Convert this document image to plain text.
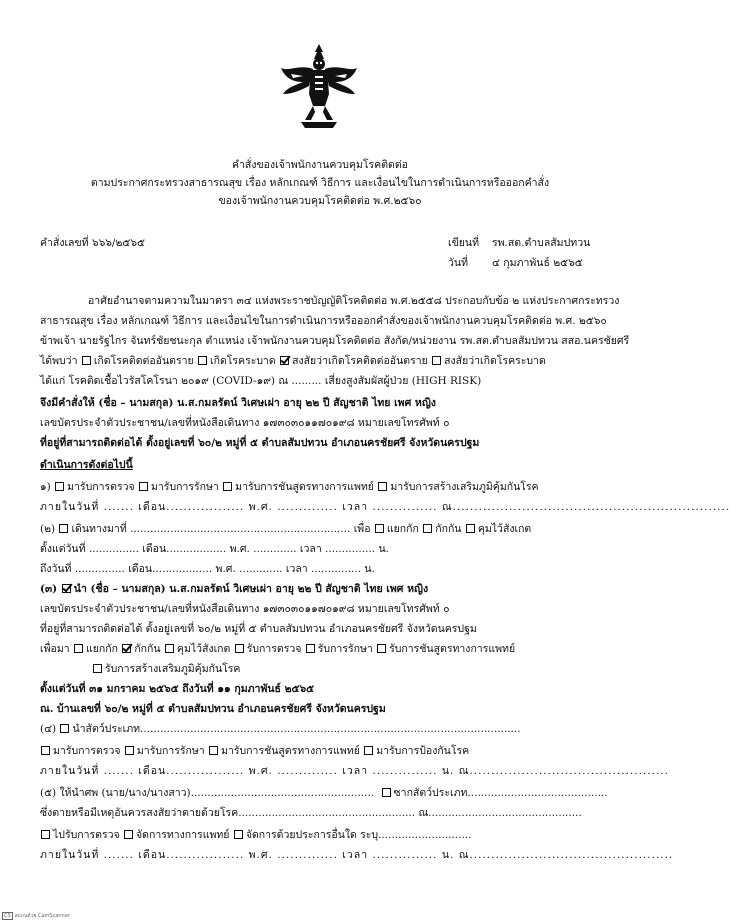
คำสั่งของเจ้าพนักงานควบคุมโรคติดต่อ
ตามประกาศกระทรวงสาธารณสุข เรื่อง หลักเกณฑ์ วิธีการ และเงื่อนไขในการดำเนินการหรือออกคำสั่ง
ของเจ้าพนักงานควบคุมโรคติดต่อ พ.ศ.๒๕๖๐
คำสั่งเลขที่ ๖๖๖/๒๕๖๕	เขียนที่ รพ.สต.ตำบลสัมปทวน
วันที่ ๔ กุมภาพันธ์ ๒๕๖๕
อาศัยอำนาจตามความในมาตรา ๓๔ แห่งพระราชบัญญัติโรคติดต่อ พ.ศ.๒๕๕๘ ประกอบกับข้อ ๒ แห่งประกาศกระทรวง
สาธารณสุข เรื่อง หลักเกณฑ์ วิธีการ และเงื่อนไขในการดำเนินการหรือออกคำสั่งของเจ้าพนักงานควบคุมโรคติดต่อ พ.ศ. ๒๕๖๐
ข้าพเจ้า นายรัฐไกร จันทร์ชัยชนะกุล ตำแหน่ง เจ้าพนักงานควบคุมโรคติดต่อ สังกัด/หน่วยงาน รพ.สต.ตำบลสัมปทวน สสอ.นครชัยศรี
ได้พบว่า เกิดโรคติดต่ออันตราย เกิดโรคระบาด สงสัยว่าเกิดโรคติดต่ออันตราย สงสัยว่าเกิดโรคระบาด
ได้แก่ โรคติดเชื้อไวรัสโคโรนา ๒๐๑๙ (COVID-๑๙) ณ ......... เสี่ยงสูงสัมผัสผู้ป่วย (HIGH RISK)
จึงมีคำสั่งให้ (ชื่อ – นามสกุล) น.ส.กมลรัตน์ วิเศษเผ่า อายุ ๒๒ ปี สัญชาติ ไทย เพศ หญิง
เลขบัตรประจำตัวประชาชน/เลขที่หนังสือเดินทาง ๑๗๓๐๓๐๑๑๗๐๑๙๘ หมายเลขโทรศัพท์ ๐
ที่อยู่ที่สามารถติดต่อได้ ตั้งอยู่เลขที่ ๖๐/๒ หมู่ที่ ๕ ตำบลสัมปทวน อำเภอนครชัยศรี จังหวัดนครปฐม
ดำเนินการดังต่อไปนี้
๑) มารับการตรวจ มารับการรักษา มารับการชันสูตรทางการแพทย์ มารับการสร้างเสริมภูมิคุ้มกันโรค
ภายในวันที่ ....... เดือน.................. พ.ศ. .............. เวลา ............... ณ................................................................
(๒) เดินทางมาที่ .................................................................. เพื่อ แยกกัก กักกัน คุมไว้สังเกต
ตั้งแต่วันที่ ............... เดือน.................. พ.ศ. ............. เวลา ............... น.
ถึงวันที่ ............... เดือน.................. พ.ศ. ............. เวลา ............... น.
(๓) นำ (ชื่อ – นามสกุล) น.ส.กมลรัตน์ วิเศษเผ่า อายุ ๒๒ ปี สัญชาติ ไทย เพศ หญิง
เลขบัตรประจำตัวประชาชน/เลขที่หนังสือเดินทาง ๑๗๓๐๓๐๑๑๗๐๑๙๘ หมายเลขโทรศัพท์ ๐
ที่อยู่ที่สามารถติดต่อได้ ตั้งอยู่เลขที่ ๖๐/๒ หมู่ที่ ๕ ตำบลสัมปทวน อำเภอนครชัยศรี จังหวัดนครปฐม
เพื่อมา แยกกัก กักกัน คุมไว้สังเกต รับการตรวจ รับการรักษา รับการชันสูตรทางการแพทย์
รับการสร้างเสริมภูมิคุ้มกันโรค
ตั้งแต่วันที่ ๓๑ มกราคม ๒๕๖๕ ถึงวันที่ ๑๑ กุมภาพันธ์ ๒๕๖๕
ณ. บ้านเลขที่ ๖๐/๒ หมู่ที่ ๕ ตำบลสัมปทวน อำเภอนครชัยศรี จังหวัดนครปฐม
(๔) นำสัตว์ประเภท..................................................................................................................
มารับการตรวจ มารับการรักษา มารับการชันสูตรทางการแพทย์ มารับการป้องกันโรค
ภายในวันที่ ....... เดือน.................. พ.ศ. .............. เวลา ............... น. ณ..............................................
(๕) ให้นำศพ (นาย/นาง/นางสาว)....................................................... ซากสัตว์ประเภท..........................................
ซึ่งตายหรือมีเหตุอันควรสงสัยว่าตายด้วยโรค..................................................... ณ..............................................
ไปรับการตรวจ จัดการทางการแพทย์ จัดการด้วยประการอื่นใด ระบุ............................
ภายในวันที่ ....... เดือน.................. พ.ศ. .............. เวลา ............... น. ณ...............................................
CS สแกนด้วย CamScanner
